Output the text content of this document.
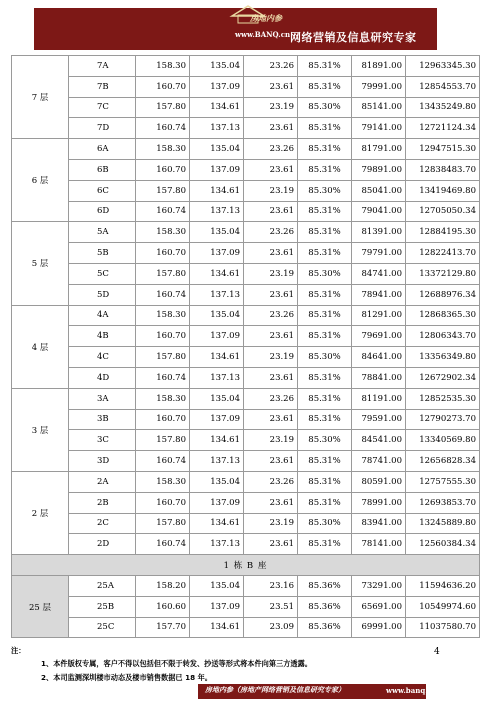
房地内参
www.BANQ.cn 网络营销及信息研究专家
7 层	7A	158.30	135.04	23.26	85.31%	81891.00	12963345.30
	7B	160.70	137.09	23.61	85.31%	79991.00	12854553.70
	7C	157.80	134.61	23.19	85.30%	85141.00	13435249.80
	7D	160.74	137.13	23.61	85.31%	79141.00	12721124.34
6 层	6A	158.30	135.04	23.26	85.31%	81791.00	12947515.30
	6B	160.70	137.09	23.61	85.31%	79891.00	12838483.70
	6C	157.80	134.61	23.19	85.30%	85041.00	13419469.80
	6D	160.74	137.13	23.61	85.31%	79041.00	12705050.34
5 层	5A	158.30	135.04	23.26	85.31%	81391.00	12884195.30
	5B	160.70	137.09	23.61	85.31%	79791.00	12822413.70
	5C	157.80	134.61	23.19	85.30%	84741.00	13372129.80
	5D	160.74	137.13	23.61	85.31%	78941.00	12688976.34
4 层	4A	158.30	135.04	23.26	85.31%	81291.00	12868365.30
	4B	160.70	137.09	23.61	85.31%	79691.00	12806343.70
	4C	157.80	134.61	23.19	85.30%	84641.00	13356349.80
	4D	160.74	137.13	23.61	85.31%	78841.00	12672902.34
3 层	3A	158.30	135.04	23.26	85.31%	81191.00	12852535.30
	3B	160.70	137.09	23.61	85.31%	79591.00	12790273.70
	3C	157.80	134.61	23.19	85.30%	84541.00	13340569.80
	3D	160.74	137.13	23.61	85.31%	78741.00	12656828.34
2 层	2A	158.30	135.04	23.26	85.31%	80591.00	12757555.30
	2B	160.70	137.09	23.61	85.31%	78991.00	12693853.70
	2C	157.80	134.61	23.19	85.30%	83941.00	13245889.80
	2D	160.74	137.13	23.61	85.31%	78141.00	12560384.34
1 栋 B 座							
25 层	25A	158.20	135.04	23.16	85.36%	73291.00	11594636.20
	25B	160.60	137.09	23.51	85.36%	65691.00	10549974.60
	25C	157.70	134.61	23.09	85.36%	69991.00	11037580.70
注：
1、本件版权专属，客户不得以包括但不限于转发、抄送等形式将本件向第三方透露。
2、本司监测深圳楼市动态及楼市销售数据已 18 年。
4
房地内参（房地产网络营销及信息研究专家）	www.banq.cn
